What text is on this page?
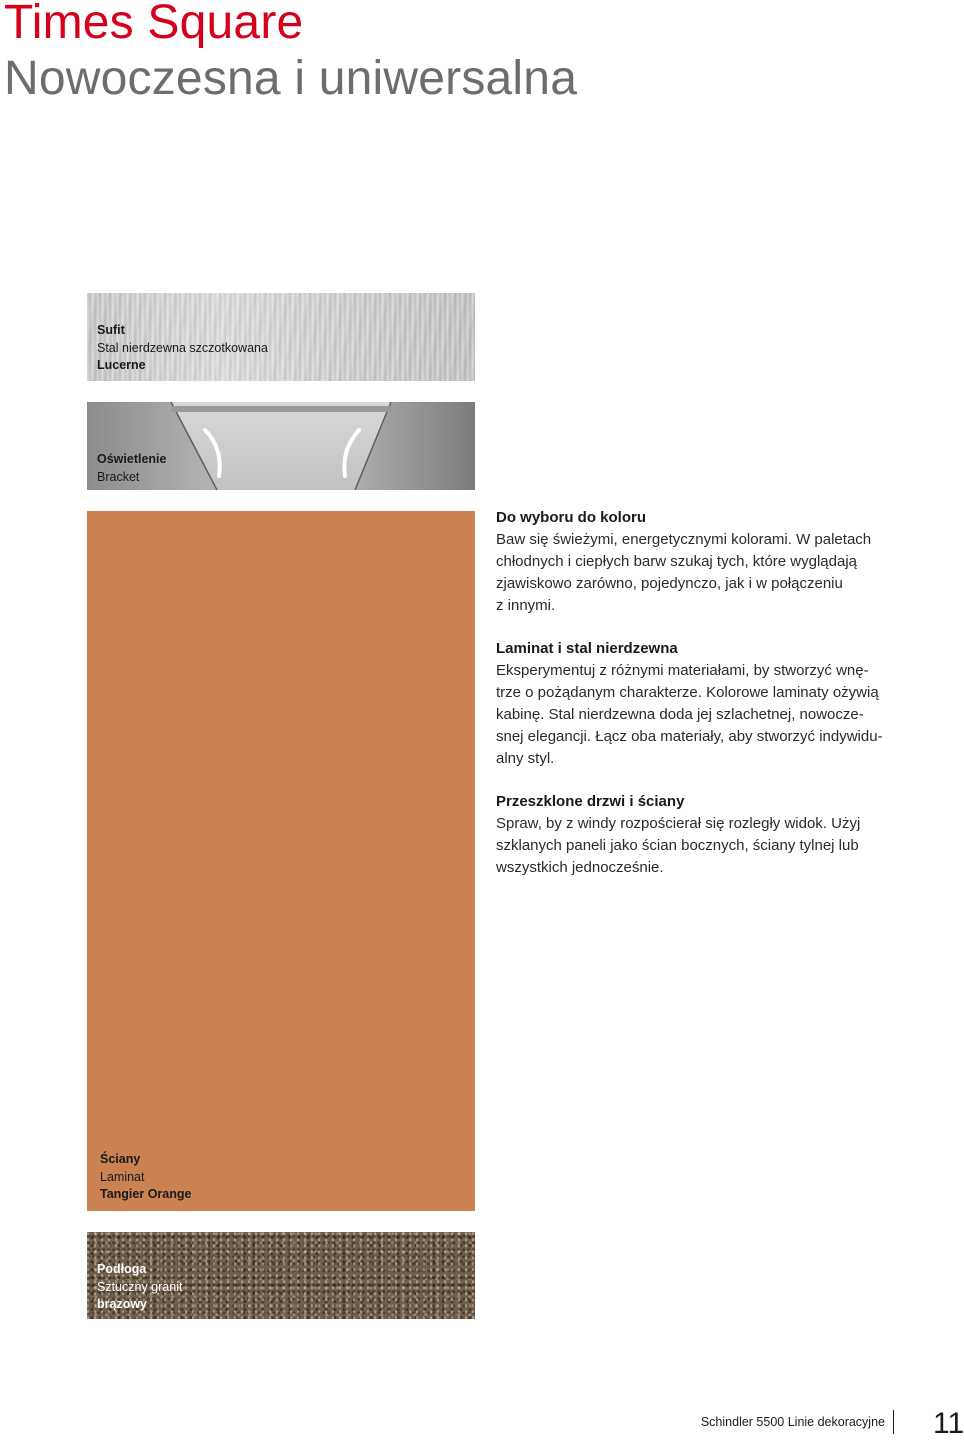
Times Square
Nowoczesna i uniwersalna
Sufit
Stal nierdzewna szczotkowana
Lucerne
Oświetlenie
Bracket
Ściany
Laminat
Tangier Orange
Podłoga
Sztuczny granit
brązowy

Do wyboru do koloru

Baw się świeżymi, energetycznymi kolorami. W paletach

chłodnych i ciepłych barw szukaj tych, które wyglądają

zjawiskowo zarówno, pojedynczo, jak i w połączeniu

z innymi.

Laminat i stal nierdzewna

Eksperymentuj z różnymi materiałami, by stworzyć wnę-

trze o pożądanym charakterze. Kolorowe laminaty ożywią

kabinę. Stal nierdzewna doda jej szlachetnej, nowocze-

snej elegancji. Łącz oba materiały, aby stworzyć indywidu-

alny styl.

Przeszklone drzwi i ściany

Spraw, by z windy rozpościerał się rozległy widok. Użyj

szklanych paneli jako ścian bocznych, ściany tylnej lub

wszystkich jednocześnie.

Schindler 5500 Linie dekoracyjne 11
